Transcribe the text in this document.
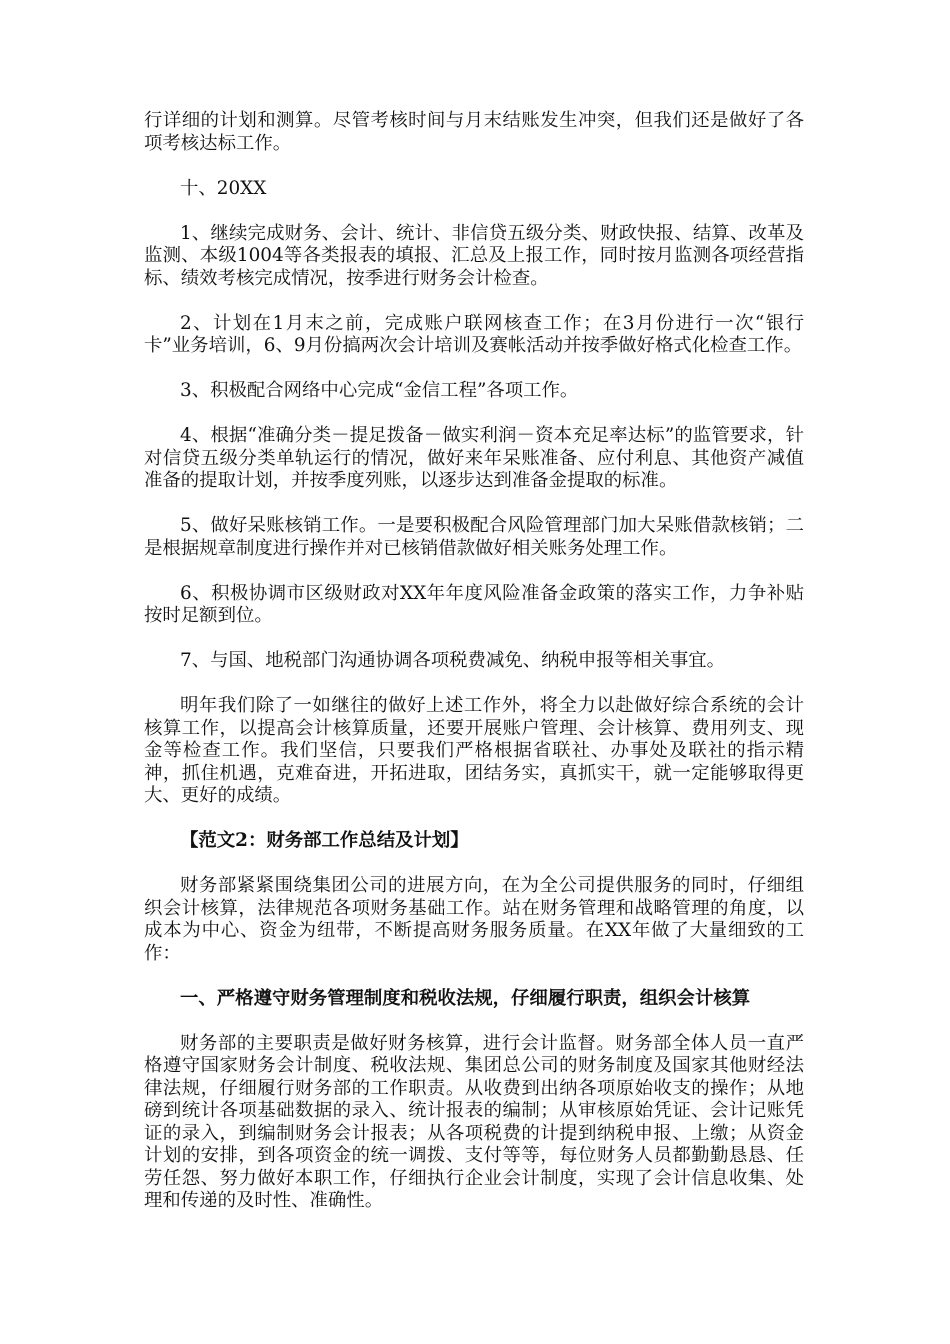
行详细的计划和测算。尽管考核时间与月末结账发生冲突，但我们还是做好了各项考核达标工作。

十、20XX

1、继续完成财务、会计、统计、非信贷五级分类、财政快报、结算、改革及监测、本级1004等各类报表的填报、汇总及上报工作，同时按月监测各项经营指标、绩效考核完成情况，按季进行财务会计检查。

2、计划在1月末之前，完成账户联网核查工作；在3月份进行一次“银行卡”业务培训，6、9月份搞两次会计培训及赛帐活动并按季做好格式化检查工作。

3、积极配合网络中心完成“金信工程”各项工作。

4、根据“准确分类－提足拨备－做实利润－资本充足率达标”的监管要求，针对信贷五级分类单轨运行的情况，做好来年呆账准备、应付利息、其他资产减值准备的提取计划，并按季度列账，以逐步达到准备金提取的标准。

5、做好呆账核销工作。一是要积极配合风险管理部门加大呆账借款核销；二是根据规章制度进行操作并对已核销借款做好相关账务处理工作。

6、积极协调市区级财政对XX年年度风险准备金政策的落实工作，力争补贴按时足额到位。

7、与国、地税部门沟通协调各项税费减免、纳税申报等相关事宜。

明年我们除了一如继往的做好上述工作外，将全力以赴做好综合系统的会计核算工作，以提高会计核算质量，还要开展账户管理、会计核算、费用列支、现金等检查工作。我们坚信，只要我们严格根据省联社、办事处及联社的指示精神，抓住机遇，克难奋进，开拓进取，团结务实，真抓实干，就一定能够取得更大、更好的成绩。

【范文2：财务部工作总结及计划】

财务部紧紧围绕集团公司的进展方向，在为全公司提供服务的同时，仔细组织会计核算，法律规范各项财务基础工作。站在财务管理和战略管理的角度，以成本为中心、资金为纽带，不断提高财务服务质量。在XX年做了大量细致的工作：

一、严格遵守财务管理制度和税收法规，仔细履行职责，组织会计核算

财务部的主要职责是做好财务核算，进行会计监督。财务部全体人员一直严格遵守国家财务会计制度、税收法规、集团总公司的财务制度及国家其他财经法律法规，仔细履行财务部的工作职责。从收费到出纳各项原始收支的操作；从地磅到统计各项基础数据的录入、统计报表的编制；从审核原始凭证、会计记账凭证的录入，到编制财务会计报表；从各项税费的计提到纳税申报、上缴；从资金计划的安排，到各项资金的统一调拨、支付等等，每位财务人员都勤勤恳恳、任劳任怨、努力做好本职工作，仔细执行企业会计制度，实现了会计信息收集、处理和传递的及时性、准确性。
